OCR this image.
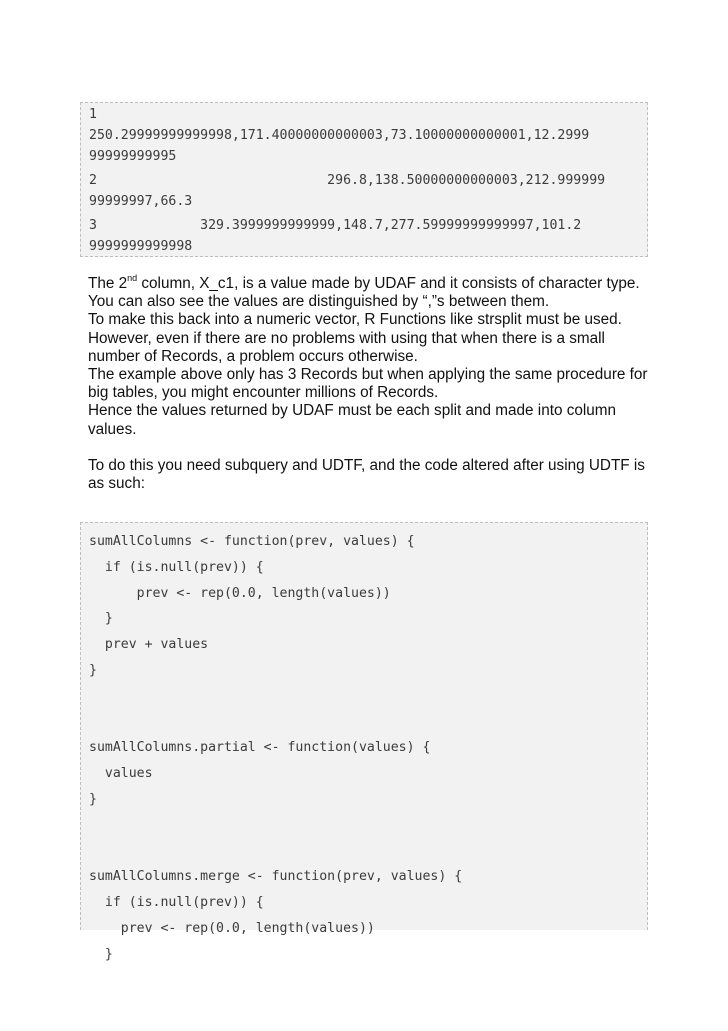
1
250.29999999999998,171.40000000000003,73.10000000000001,12.2999
99999999995
2                             296.8,138.50000000000003,212.999999
99999997,66.3
3             329.3999999999999,148.7,277.59999999999997,101.2
9999999999998

The 2nd column, X_c1, is a value made by UDAF and it consists of character type.

You can also see the values are distinguished by “,”s between them.

To make this back into a numeric vector, R Functions like strsplit must be used. However, even if there are no problems with using that when there is a small number of Records, a problem occurs otherwise.

The example above only has 3 Records but when applying the same procedure for big tables, you might encounter millions of Records.

Hence the values returned by UDAF must be each split and made into column values.

To do this you need subquery and UDTF, and the code altered after using UDTF is as such:

sumAllColumns <- function(prev, values) {
if (is.null(prev)) {
prev <- rep(0.0, length(values))
}
prev + values
}
sumAllColumns.partial <- function(values) {
values
}
sumAllColumns.merge <- function(prev, values) {
if (is.null(prev)) {
prev <- rep(0.0, length(values))
}
